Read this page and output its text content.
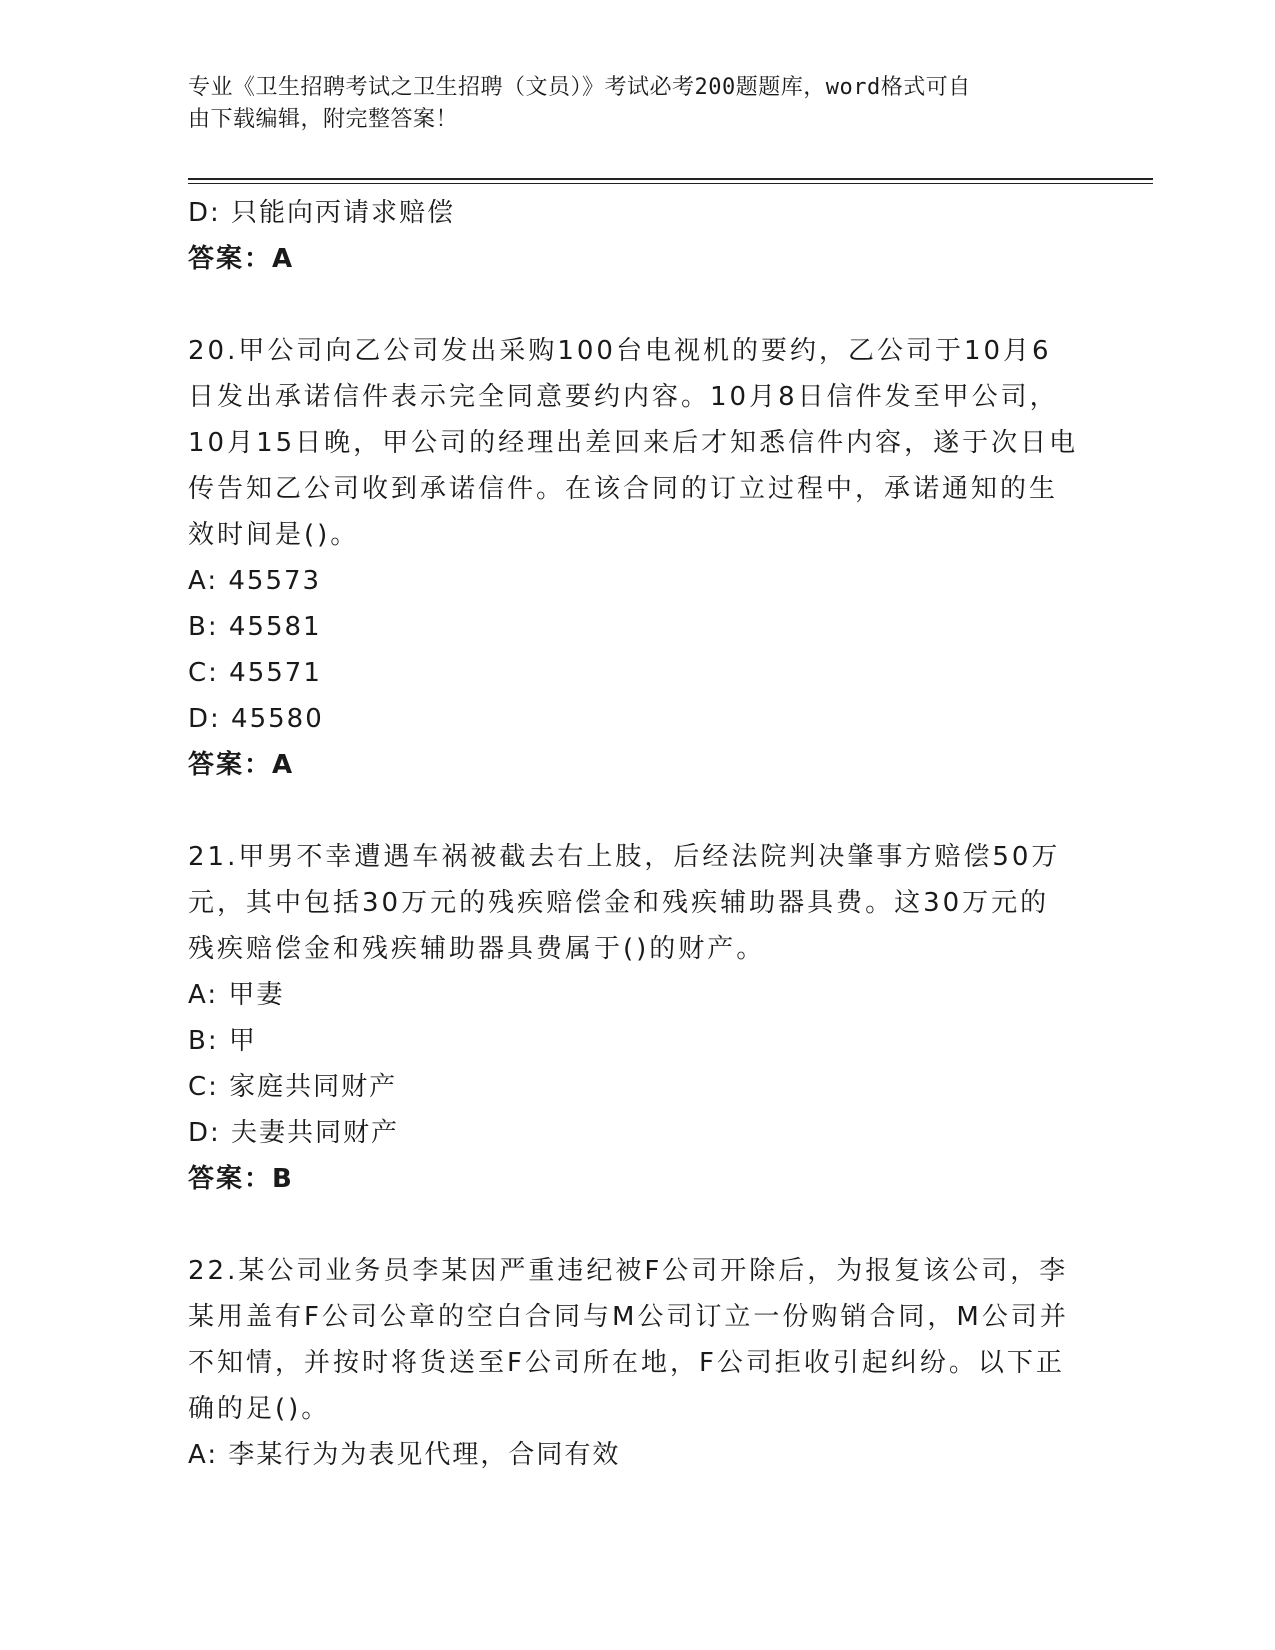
专业《卫生招聘考试之卫生招聘（文员）》考试必考200题题库，word格式可自
由下载编辑，附完整答案！

D: 只能向丙请求赔偿

答案：A

20.甲公司向乙公司发出采购100台电视机的要约，乙公司于10月6

日发出承诺信件表示完全同意要约内容。10月8日信件发至甲公司，

10月15日晚，甲公司的经理出差回来后才知悉信件内容，遂于次日电

传告知乙公司收到承诺信件。在该合同的订立过程中，承诺通知的生

效时间是()。

A: 45573

B: 45581

C: 45571

D: 45580

答案：A

21.甲男不幸遭遇车祸被截去右上肢，后经法院判决肇事方赔偿50万

元，其中包括30万元的残疾赔偿金和残疾辅助器具费。这30万元的

残疾赔偿金和残疾辅助器具费属于()的财产。

A: 甲妻

B: 甲

C: 家庭共同财产

D: 夫妻共同财产

答案：B

22.某公司业务员李某因严重违纪被F公司开除后，为报复该公司，李

某用盖有F公司公章的空白合同与M公司订立一份购销合同，M公司并

不知情，并按时将货送至F公司所在地，F公司拒收引起纠纷。以下正

确的足()。

A: 李某行为为表见代理，合同有效
